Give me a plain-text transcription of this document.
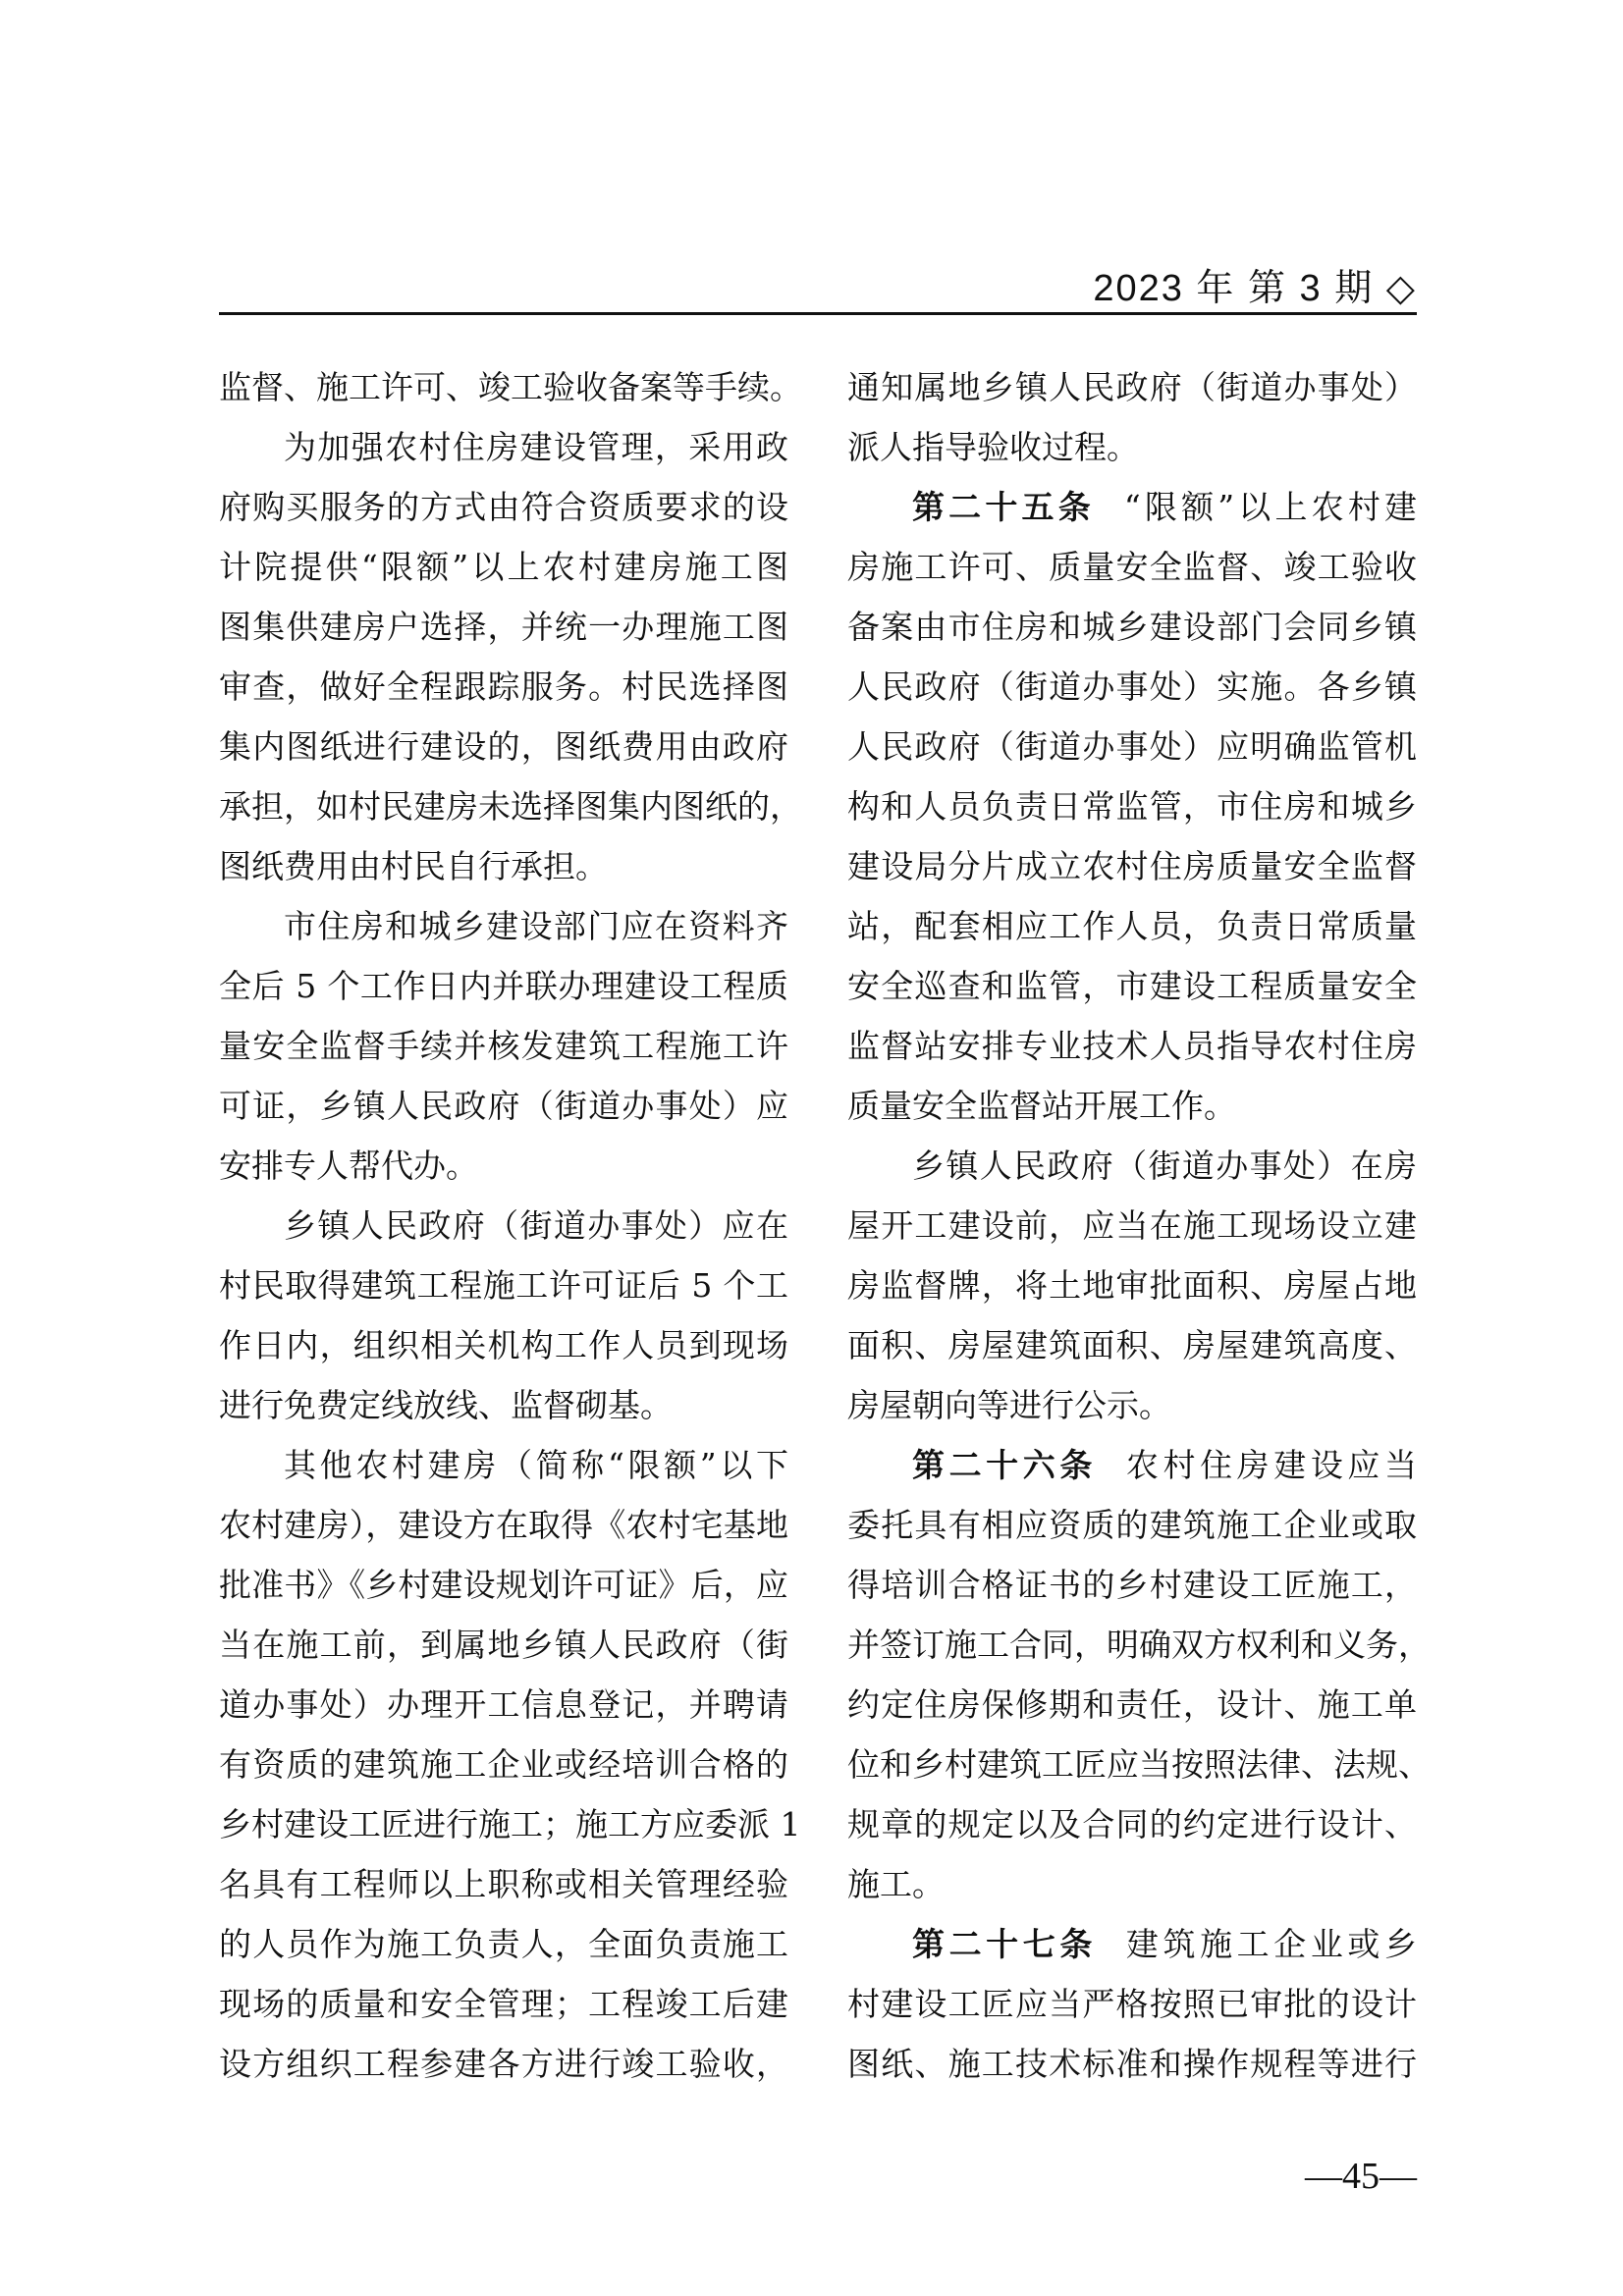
2023 年 第 3 期 ◇
监督、施工许可、竣工验收备案等手续。
为加强农村住房建设管理，采用政
府购买服务的方式由符合资质要求的设
计院提供“限额”以上农村建房施工图
图集供建房户选择，并统一办理施工图
审查，做好全程跟踪服务。村民选择图
集内图纸进行建设的，图纸费用由政府
承担，如村民建房未选择图集内图纸的，
图纸费用由村民自行承担。
市住房和城乡建设部门应在资料齐
全后 5 个工作日内并联办理建设工程质
量安全监督手续并核发建筑工程施工许
可证，乡镇人民政府（街道办事处）应
安排专人帮代办。
乡镇人民政府（街道办事处）应在
村民取得建筑工程施工许可证后 5 个工
作日内，组织相关机构工作人员到现场
进行免费定线放线、监督砌基。
其他农村建房（简称“限额”以下
农村建房），建设方在取得《农村宅基地
批准书》《乡村建设规划许可证》后，应
当在施工前，到属地乡镇人民政府（街
道办事处）办理开工信息登记，并聘请
有资质的建筑施工企业或经培训合格的
乡村建设工匠进行施工；施工方应委派 1
名具有工程师以上职称或相关管理经验
的人员作为施工负责人，全面负责施工
现场的质量和安全管理；工程竣工后建
设方组织工程参建各方进行竣工验收，
通知属地乡镇人民政府（街道办事处）
派人指导验收过程。
第二十五条 “限额”以上农村建
房施工许可、质量安全监督、竣工验收
备案由市住房和城乡建设部门会同乡镇
人民政府（街道办事处）实施。各乡镇
人民政府（街道办事处）应明确监管机
构和人员负责日常监管，市住房和城乡
建设局分片成立农村住房质量安全监督
站，配套相应工作人员，负责日常质量
安全巡查和监管，市建设工程质量安全
监督站安排专业技术人员指导农村住房
质量安全监督站开展工作。
乡镇人民政府（街道办事处）在房
屋开工建设前，应当在施工现场设立建
房监督牌，将土地审批面积、房屋占地
面积、房屋建筑面积、房屋建筑高度、
房屋朝向等进行公示。
第二十六条 农村住房建设应当
委托具有相应资质的建筑施工企业或取
得培训合格证书的乡村建设工匠施工，
并签订施工合同，明确双方权利和义务，
约定住房保修期和责任，设计、施工单
位和乡村建筑工匠应当按照法律、法规、
规章的规定以及合同的约定进行设计、
施工。
第二十七条 建筑施工企业或乡
村建设工匠应当严格按照已审批的设计
图纸、施工技术标准和操作规程等进行
—45—
